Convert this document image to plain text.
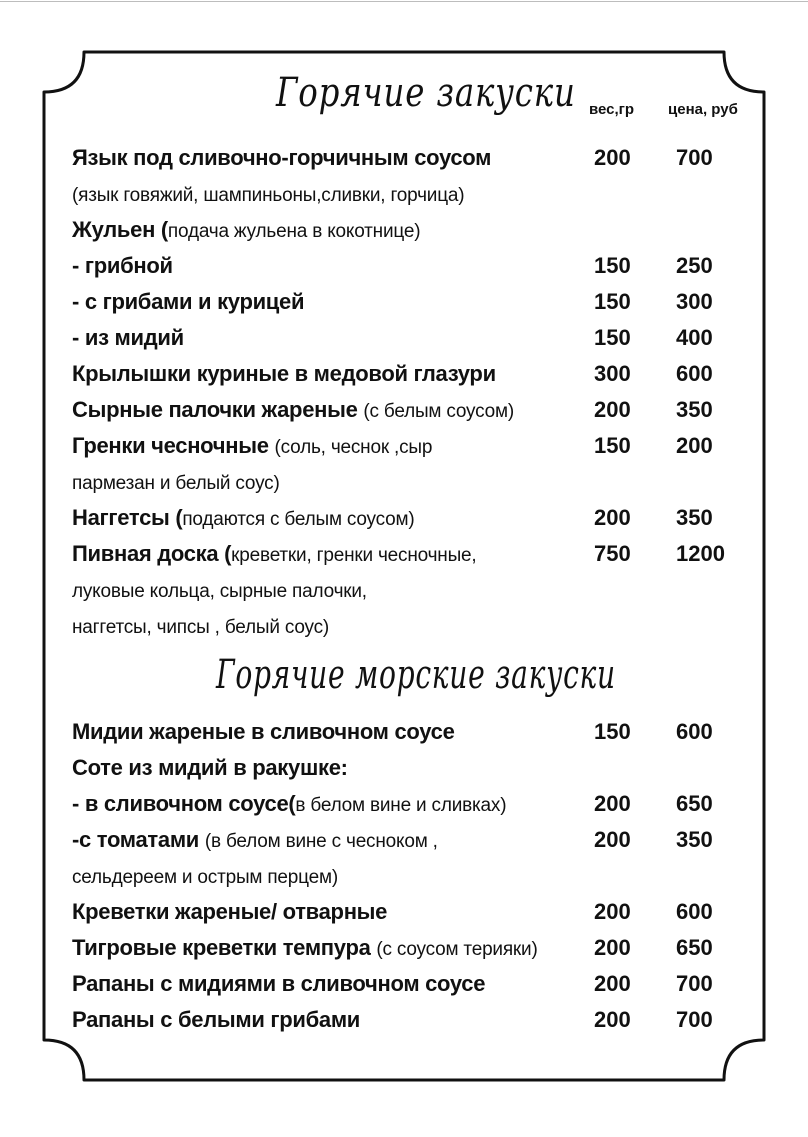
Горячие закуски вес,гр цена, руб
Язык под сливочно-горчичным соусом	200 700
(язык говяжий, шампиньоны,сливки, горчица)
Жульен (подача жульена в кокотнице)
- грибной	150 250
- с грибами и курицей	150 300
- из мидий	150 400
Крылышки куриные в медовой глазури	300 600
Сырные палочки жареные (с белым соусом)	200 350
Гренки чесночные (соль, чеснок ,сыр	150 200
пармезан и белый соус)
Наггетсы (подаются с белым соусом)	200 350
Пивная доска (креветки, гренки чесночные,	750 1200
луковые кольца, сырные палочки,
наггетсы, чипсы , белый соус)
Горячие морские закуски
Мидии жареные в сливочном соусе	150 600
Соте из мидий в ракушке:
- в сливочном соусе(в белом вине и сливках)	200 650
-с томатами (в белом вине с чесноком ,	200 350
сельдереем и острым перцем)
Креветки жареные/ отварные	200 600
Тигровые креветки темпура (с соусом терияки)	200 650
Рапаны с мидиями в сливочном соусе	200 700
Рапаны с белыми грибами	200 700
